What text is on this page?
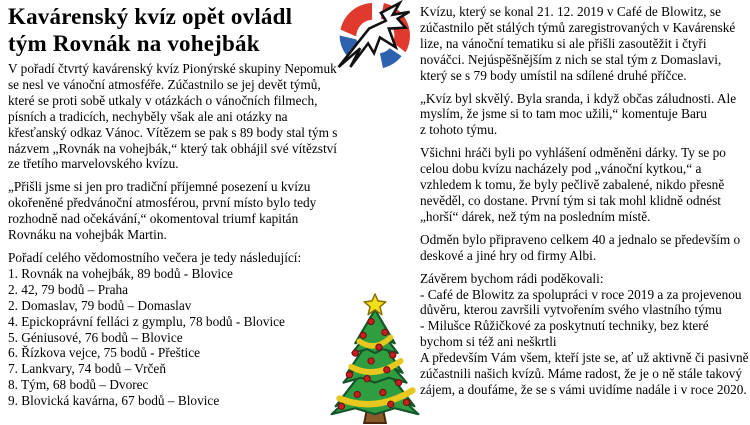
Kavárenský kvíz opět ovládl
tým Rovnák na vohejbák

V pořadí čtvrtý kavárenský kvíz Pionýrské skupiny Nepomuk se nesl ve vánoční atmosféře. Zúčastnilo se jej devět týmů, které se proti sobě utkaly v otázkách o vánočních filmech, písních a tradicích, nechyběly však ale ani otázky na křesťanský odkaz Vánoc. Vítězem se pak s 89 body stal tým s názvem „Rovnák na vohejbák,“ který tak obhájil své vítězství ze třetího marvelovského kvízu.

„Přišli jsme si jen pro tradiční příjemné posezení u kvízu okořeněné předvánoční atmosférou, první místo bylo tedy rozhodně nad očekávání,“ okomentoval triumf kapitán Rovnáku na vohejbák Martin.

Pořadí celého vědomostního večera je tedy následující:
1. Rovnák na vohejbák, 89 bodů - Blovice
2. 42, 79 bodů – Praha
2. Domaslav, 79 bodů – Domaslav
4. Epickoprávní felláci z gymplu, 78 bodů - Blovice
5. Géniusové, 76 bodů – Blovice
6. Řízkova vejce, 75 bodů - Přeštice
7. Lankvary, 74 bodů – Vrčeň
8. Tým, 68 bodů – Dvorec
9. Blovická kavárna, 67 bodů – Blovice

Kvízu, který se konal 21. 12. 2019 v Café de Blowitz, se zúčastnilo pět stálých týmů zaregistrovaných v Kavárenské lize, na vánoční tematiku si ale přišli zasoutěžit i čtyři nováčci. Nejúspěšnějším z nich se stal tým z Domaslavi, který se s 79 body umístil na sdílené druhé příčce.

„Kvíz byl skvělý. Byla sranda, i když občas záludnosti. Ale myslím, že jsme si to tam moc užili,“ komentuje Baru z tohoto týmu.

Všichni hráči byli po vyhlášení odměněni dárky. Ty se po celou dobu kvízu nacházely pod „vánoční kytkou,“ a vzhledem k tomu, že byly pečlivě zabalené, nikdo přesně nevěděl, co dostane. První tým si tak mohl klidně odnést „horší“ dárek, než tým na posledním místě.

Odměn bylo připraveno celkem 40 a jednalo se především o deskové a jiné hry od firmy Albi.

Závěrem bychom rádi poděkovali:
- Café de Blowitz za spolupráci v roce 2019 a za projevenou důvěru, kterou završili vytvořením svého vlastního týmu
- Milušce Růžičkové za poskytnutí techniky, bez které bychom si též ani neškrtli
A především Vám všem, kteří jste se, ať už aktivně či pasivně zúčastnili našich kvízů. Máme radost, že je o ně stále takový zájem, a doufáme, že se s vámi uvidíme nadále i v roce 2020.
